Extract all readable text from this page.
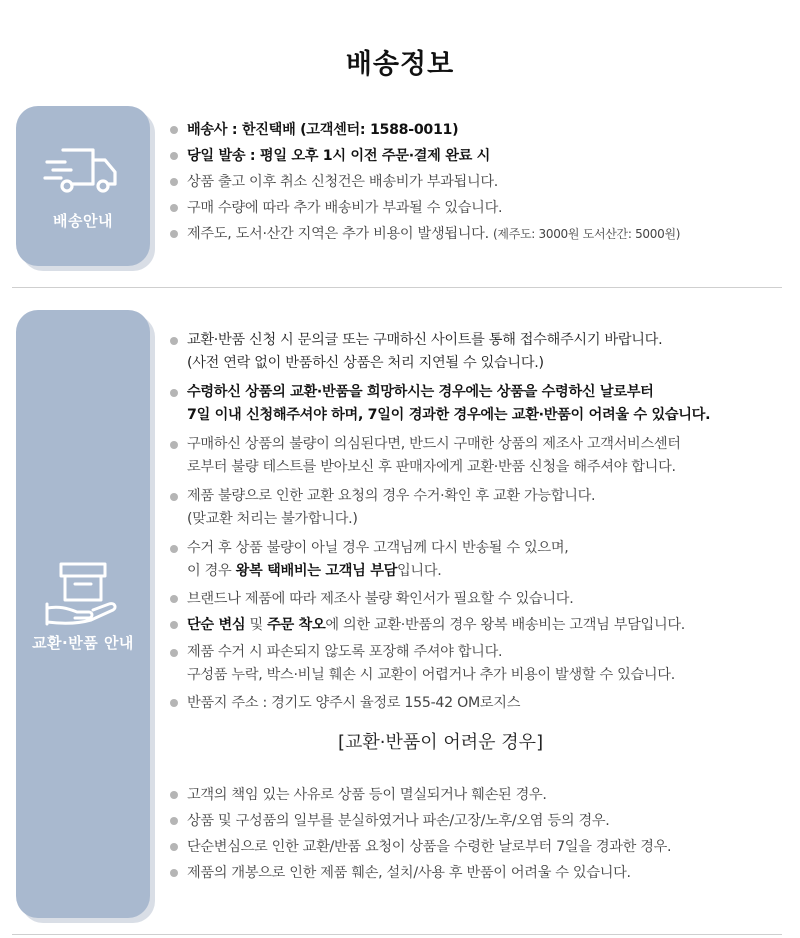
배송정보
배송안내
배송사 : 한진택배 (고객센터: 1588-0011)
당일 발송 : 평일 오후 1시 이전 주문·결제 완료 시
상품 출고 이후 취소 신청건은 배송비가 부과됩니다.
구매 수량에 따라 추가 배송비가 부과될 수 있습니다.
제주도, 도서·산간 지역은 추가 비용이 발생됩니다. (제주도: 3000원 도서산간: 5000원)
교환·반품 안내
교환·반품 신청 시 문의글 또는 구매하신 사이트를 통해 접수해주시기 바랍니다.
(사전 연락 없이 반품하신 상품은 처리 지연될 수 있습니다.)
수령하신 상품의 교환·반품을 희망하시는 경우에는 상품을 수령하신 날로부터
7일 이내 신청해주셔야 하며, 7일이 경과한 경우에는 교환·반품이 어려울 수 있습니다.
구매하신 상품의 불량이 의심된다면, 반드시 구매한 상품의 제조사 고객서비스센터
로부터 불량 테스트를 받아보신 후 판매자에게 교환·반품 신청을 해주셔야 합니다.
제품 불량으로 인한 교환 요청의 경우 수거·확인 후 교환 가능합니다.
(맞교환 처리는 불가합니다.)
수거 후 상품 불량이 아닐 경우 고객님께 다시 반송될 수 있으며,
이 경우 왕복 택배비는 고객님 부담입니다.
브랜드나 제품에 따라 제조사 불량 확인서가 필요할 수 있습니다.
단순 변심 및 주문 착오에 의한 교환·반품의 경우 왕복 배송비는 고객님 부담입니다.
제품 수거 시 파손되지 않도록 포장해 주셔야 합니다.
구성품 누락, 박스·비닐 훼손 시 교환이 어렵거나 추가 비용이 발생할 수 있습니다.
반품지 주소 : 경기도 양주시 율정로 155-42 OM로지스
[교환·반품이 어려운 경우]
고객의 책임 있는 사유로 상품 등이 멸실되거나 훼손된 경우.
상품 및 구성품의 일부를 분실하였거나 파손/고장/노후/오염 등의 경우.
단순변심으로 인한 교환/반품 요청이 상품을 수령한 날로부터 7일을 경과한 경우.
제품의 개봉으로 인한 제품 훼손, 설치/사용 후 반품이 어려울 수 있습니다.
